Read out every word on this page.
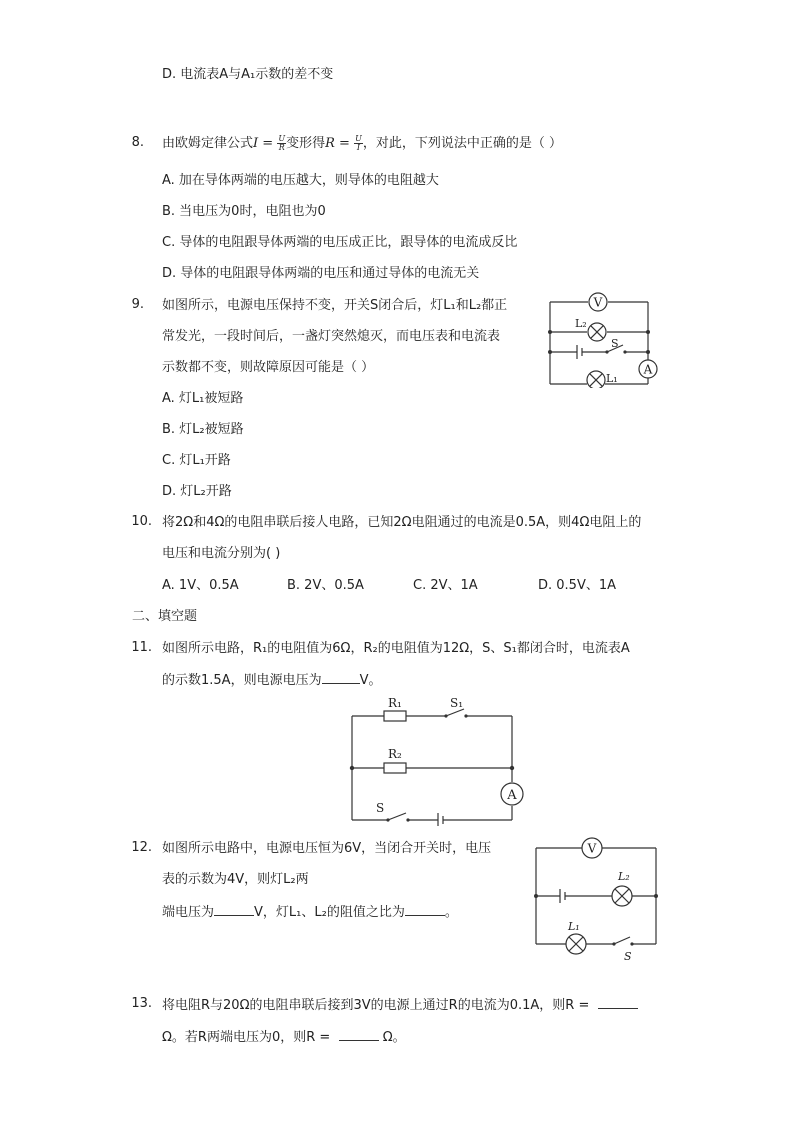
D. 电流表A与A₁示数的差不变
8. 由欧姆定律公式$I = \frac{U}{R}$ 变形得$R = \frac{U}{I}$ ，对此，下列说法中正确的是（ ）
A. 加在导体两端的电压越大，则导体的电阻越大
B. 当电压为0时，电阻也为0
C. 导体的电阻跟导体两端的电压成正比，跟导体的电流成反比
D. 导体的电阻跟导体两端的电压和通过导体的电流无关
9. 如图所示，电源电压保持不变，开关S闭合后，灯L₁和L₂都正
常发光，一段时间后，一盏灯突然熄灭，而电压表和电流表
示数都不变，则故障原因可能是（ ）
A. 灯L₁被短路
B. 灯L₂被短路
C. 灯L₁开路
D. 灯L₂开路
V
L₂
S
L₁
A
10. 将2Ω和4Ω的电阻串联后接人电路，已知2Ω电阻通过的电流是0.5A，则4Ω电阻上的
电压和电流分别为( )
A. 1V、0.5A	B. 2V、0.5A	C. 2V、1A	D. 0.5V、1A
二、填空题
11. 如图所示电路，R₁的电阻值为6Ω，R₂的电阻值为12Ω，S、S₁都闭合时，电流表A
的示数1.5A，则电源电压为	V。
R₁	S₁
R₂
S
A
12. 如图所示电路中，电源电压恒为6V，当闭合开关时，电压
表的示数为4V，则灯L₂两
端电压为	V，灯L₁、L₂的阻值之比为	。
V
L₂
L₁
S
13. 将电阻R与20Ω的电阻串联后接到3V的电源上通过R的电流为0.1A，则R =
Ω。若R两端电压为0，则R =	Ω。
